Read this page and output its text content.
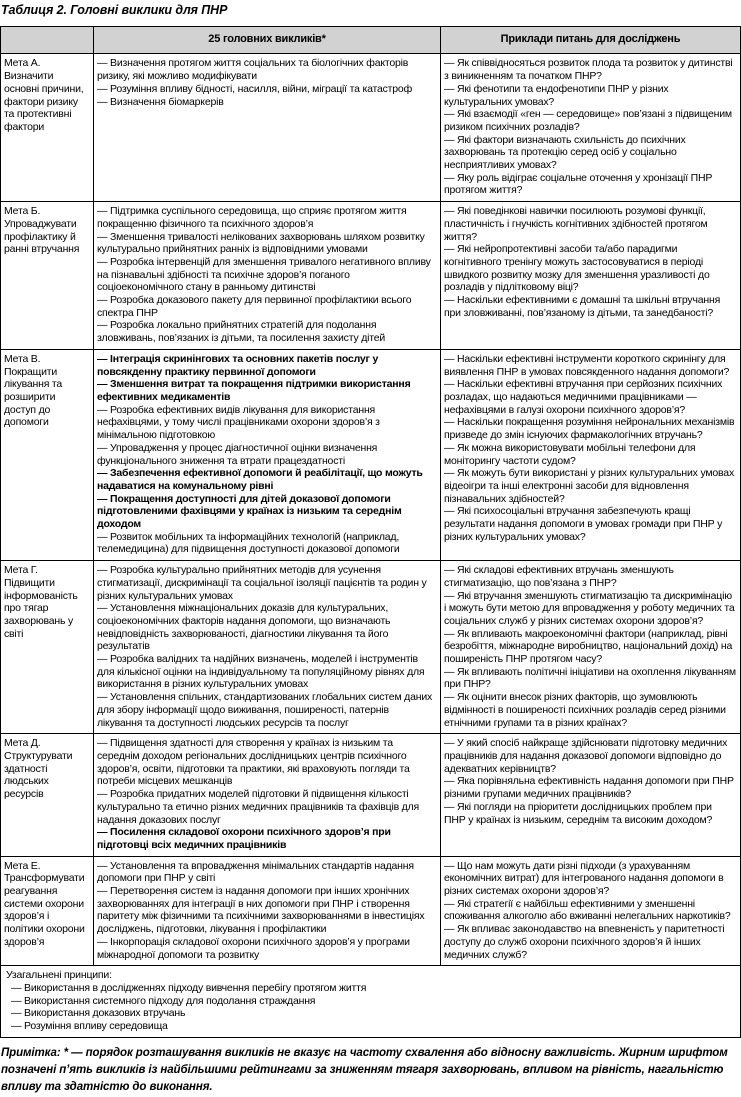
Таблиця 2. Головні виклики для ПНР
25 головних викликів*	Приклади питань для досліджень
Мета А. Визначити основні причини, фактори ризику та протективні фактори
— Визначення протягом життя соціальних та біологічних факторів ризику, які можливо модифікувати
— Розуміння впливу бідності, насилля, війни, міграції та катастроф
— Визначення біомаркерів
— Як співвідносяться розвиток плода та розвиток у дитинстві з виникненням та початком ПНР?
— Які фенотипи та ендофенотипи ПНР у різних культуральних умовах?
— Які взаємодії «ген — середовище» пов’язані з підвищеним ризиком психічних розладів?
— Які фактори визначають схильність до психічних захворювань та протекцію серед осіб у соціально несприятливих умовах?
— Яку роль відіграє соціальне оточення у хронізації ПНР протягом життя?
Мета Б. Упроваджувати профілактику й ранні втручання
— Підтримка суспільного середовища, що сприяє протягом життя покращенню фізичного та психічного здоров’я
— Зменшення тривалості нелікованих захворювань шляхом розвитку культурально прийнятних ранніх із відповідними умовами
— Розробка інтервенцій для зменшення тривалого негативного впливу на пізнавальні здібності та психічне здоров’я поганого соціоекономічного стану в ранньому дитинстві
— Розробка доказового пакету для первинної профілактики всього спектра ПНР
— Розробка локально прийнятних стратегій для подолання зловживань, пов’язаних із дітьми, та посилення захисту дітей
— Які поведінкові навички посилюють розумові функції, пластичність і гнучкість когнітивних здібностей протягом життя?
— Які нейропротективні засоби та/або парадигми когнітивного тренінгу можуть застосовуватися в періоді швидкого розвитку мозку для зменшення уразливості до розладів у підлітковому віці?
— Наскільки ефективними є домашні та шкільні втручання при зловживанні, пов’язаному із дітьми, та занедбаності?
Мета В. Покращити лікування та розширити доступ до допомоги
— Інтеграція скринінгових та основних пакетів послуг у повсякденну практику первинної допомоги
— Зменшення витрат та покращення підтримки використання ефективних медикаментів
— Розробка ефективних видів лікування для використання нефахівцями, у тому числі працівниками охорони здоров’я з мінімальною підготовкою
— Упровадження у процес діагностичної оцінки визначення функціонального зниження та втрати працездатності
— Забезпечення ефективної допомоги й реабілітації, що можуть надаватися на комунальному рівні
— Покращення доступності для дітей доказової допомоги підготовленими фахівцями у країнах із низьким та середнім доходом
— Розвиток мобільних та інформаційних технологій (наприклад, телемедицина) для підвищення доступності доказової допомоги
— Наскільки ефективні інструменти короткого скринінгу для виявлення ПНР в умовах повсякденного надання допомоги?
— Наскільки ефективні втручання при серйозних психічних розладах, що надаються медичними працівниками — нефахівцями в галузі охорони психічного здоров’я?
— Наскільки покращення розуміння нейрональних механізмів призведе до змін існуючих фармакологічних втручань?
— Як можна використовувати мобільні телефони для моніторингу частоти судом?
— Як можуть бути використані у різних культуральних умовах відеоігри та інші електронні засоби для відновлення пізнавальних здібностей?
— Які психосоціальні втручання забезпечують кращі результати надання допомоги в умовах громади при ПНР у різних культуральних умовах?
Мета Г. Підвищити інформованість про тягар захворювань у світі
— Розробка культурально прийнятних методів для усунення стигматизації, дискримінації та соціальної ізоляції пацієнтів та родин у різних культуральних умовах
— Установлення міжнаціональних доказів для культуральних, соціоекономічних факторів надання допомоги, що визначають невідповідність захворюваності, діагностики лікування та його результатів
— Розробка валідних та надійних визначень, моделей і інструментів для кількісної оцінки на індивідуальному та популяційному рівнях для використання в різних культуральних умовах
— Установлення спільних, стандартизованих глобальних систем даних для збору інформації щодо виживання, поширеності, патернів лікування та доступності людських ресурсів та послуг
— Які складові ефективних втручань зменшують стигматизацію, що пов’язана з ПНР?
— Які втручання зменшують стигматизацію та дискримінацію і можуть бути метою для впровадження у роботу медичних та соціальних служб у різних системах охорони здоров’я?
— Як впливають макроекономічні фактори (наприклад, рівні безробіття, міжнародне виробництво, національний дохід) на поширеність ПНР протягом часу?
— Як впливають політичні ініціативи на охоплення лікуванням при ПНР?
— Як оцінити внесок різних факторів, що зумовлюють відмінності в поширеності психічних розладів серед різними етнічними групами та в різних країнах?
Мета Д. Структурувати здатності людських ресурсів
— Підвищення здатності для створення у країнах із низьким та середнім доходом регіональних дослідницьких центрів психічного здоров’я, освіти, підготовки та практики, які враховують погляди та потреби місцевих мешканців
— Розробка придатних моделей підготовки й підвищення кількості культурально та етично різних медичних працівників та фахівців для надання доказових послуг
— Посилення складової охорони психічного здоров’я при підготовці всіх медичних працівників
— У який спосіб найкраще здійснювати підготовку медичних працівників для надання доказової допомоги відповідно до адекватних керівництв?
— Яка порівняльна ефективність надання допомоги при ПНР різними групами медичних працівників?
— Які погляди на пріоритети дослідницьких проблем при ПНР у країнах із низьким, середнім та високим доходом?
Мета Е. Трансформувати реагування системи охорони здоров’я і політики охорони здоров’я
— Установлення та впровадження мінімальних стандартів надання допомоги при ПНР у світі
— Перетворення систем із надання допомоги при інших хронічних захворюваннях для інтеграції в них допомоги при ПНР і створення паритету між фізичними та психічними захворюваннями в інвестиціях досліджень, підготовки, лікування і профілактики
— Інкорпорація складової охорони психічного здоров’я у програми міжнародної допомоги та розвитку
— Що нам можуть дати різні підходи (з урахуванням економічних витрат) для інтегрованого надання допомоги в різних системах охорони здоров’я?
— Які стратегії є найбільш ефективними у зменшенні споживання алкоголю або вживанні нелегальних наркотиків?
— Як впливає законодавство на впевненість у паритетності доступу до служб охорони психічного здоров’я й інших медичних служб?
Узагальнені принципи:
— Використання в дослідженнях підходу вивчення перебігу протягом життя
— Використання системного підходу для подолання страждання
— Використання доказових втручань
— Розуміння впливу середовища
Примітка: * — порядок розташування викликів не вказує на частоту схвалення або відносну важливість. Жирним шрифтом позначені п’ять викликів із найбільшими рейтингами за зниженням тягаря захворювань, впливом на рівність, нагальністю впливу та здатністю до виконання.
